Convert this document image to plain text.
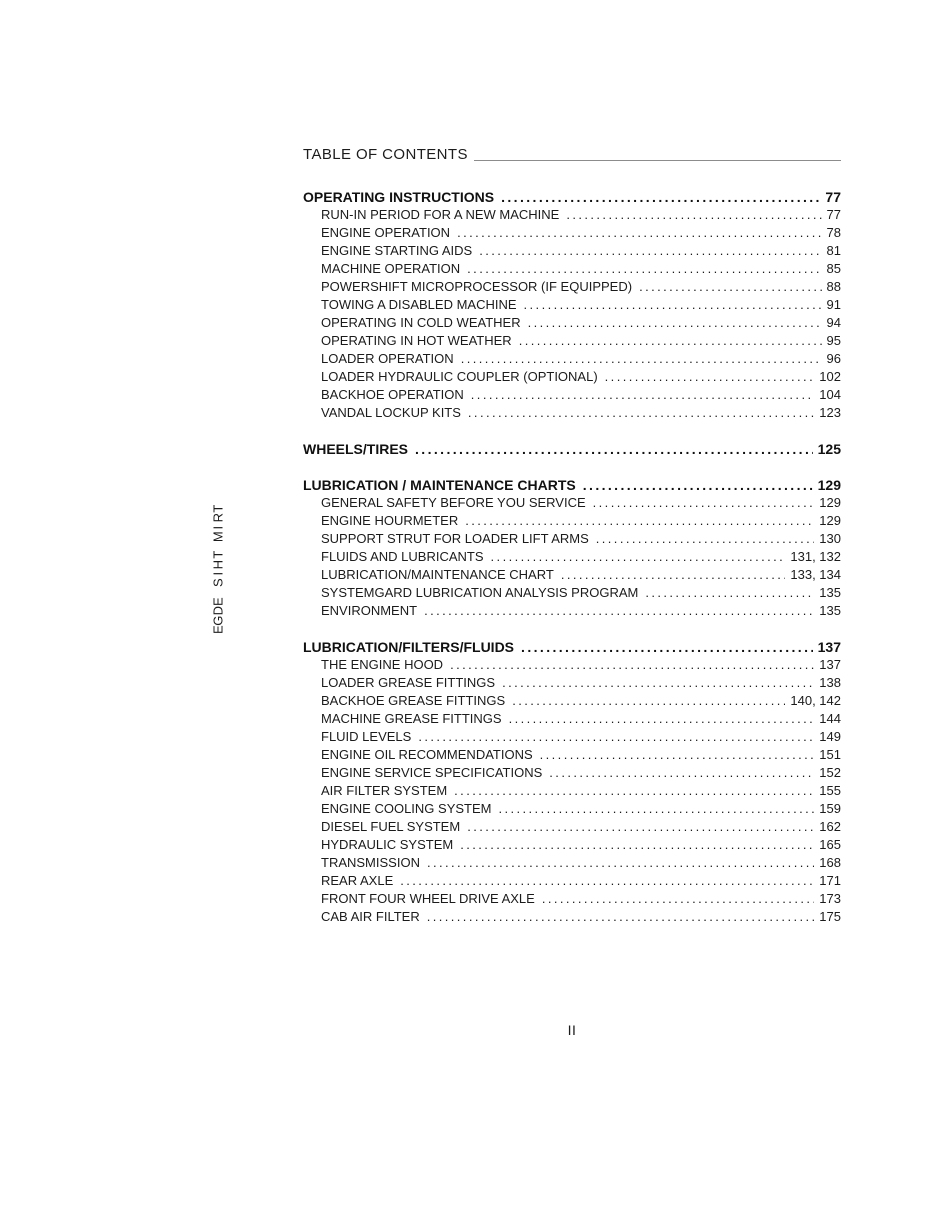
TABLE OF CONTENTS
OPERATING INSTRUCTIONS .....	77
RUN-IN PERIOD FOR A NEW MACHINE .....	77
ENGINE OPERATION .....	78
ENGINE STARTING AIDS .....	81
MACHINE OPERATION .....	85
POWERSHIFT MICROPROCESSOR (IF EQUIPPED) .....	88
TOWING A DISABLED MACHINE .....	91
OPERATING IN COLD WEATHER .....	94
OPERATING IN HOT WEATHER .....	95
LOADER OPERATION .....	96
LOADER HYDRAULIC COUPLER (OPTIONAL) .....	102
BACKHOE OPERATION .....	104
VANDAL LOCKUP KITS .....	123
WHEELS/TIRES .....	125
LUBRICATION / MAINTENANCE CHARTS .....	129
GENERAL SAFETY BEFORE YOU SERVICE .....	129
ENGINE HOURMETER .....	129
SUPPORT STRUT FOR LOADER LIFT ARMS .....	130
FLUIDS AND LUBRICANTS .....	131, 132
LUBRICATION/MAINTENANCE CHART .....	133, 134
SYSTEMGARD LUBRICATION ANALYSIS PROGRAM .....	135
ENVIRONMENT .....	135
LUBRICATION/FILTERS/FLUIDS .....	137
THE ENGINE HOOD .....	137
LOADER GREASE FITTINGS .....	138
BACKHOE GREASE FITTINGS .....	140, 142
MACHINE GREASE FITTINGS .....	144
FLUID LEVELS .....	149
ENGINE OIL RECOMMENDATIONS .....	151
ENGINE SERVICE SPECIFICATIONS .....	152
AIR FILTER SYSTEM .....	155
ENGINE COOLING SYSTEM .....	159
DIESEL FUEL SYSTEM .....	162
HYDRAULIC SYSTEM .....	165
TRANSMISSION .....	168
REAR AXLE .....	171
FRONT FOUR WHEEL DRIVE AXLE .....	173
CAB AIR FILTER .....	175
T
R
I
M
T
H
I
S
E
D
G
E
II
